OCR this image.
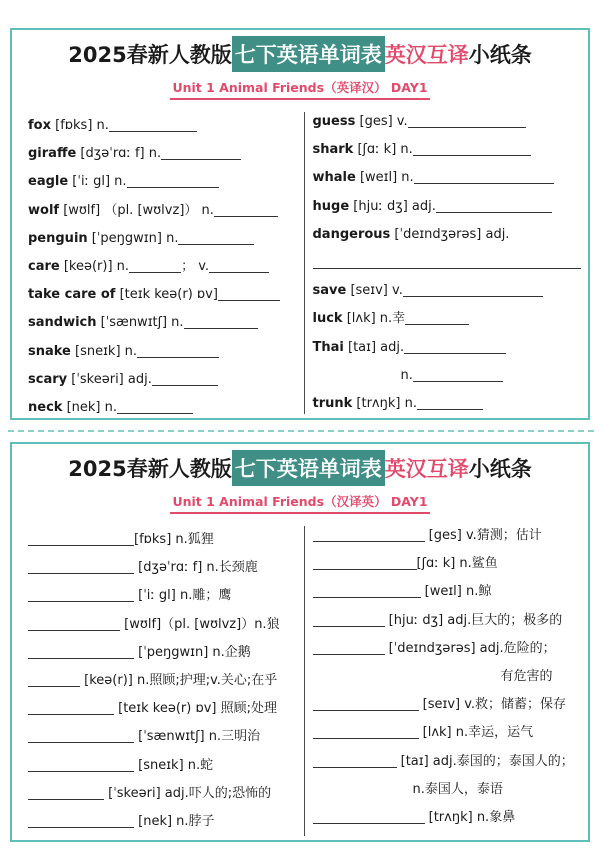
2025春新人教版 七下英语单词表 英汉互译 小纸条
Unit 1 Animal Friends（英译汉） DAY1
fox [fɒks] n.
giraffe [dʒəˈrɑː f] n.
eagle [ˈiː gl] n.
wolf [wʊlf] （pl. [wʊlvz]） n.
penguin [ˈpeŋgwɪn] n.
care [keə(r)] n.	； v.
take care of [teɪk keə(r) ɒv]
sandwich [ˈsænwɪtʃ] n.
snake [sneɪk] n.
scary [ˈskeəri] adj.
neck [nek] n.
guess [ges] v.
shark [ʃɑː k] n.
whale [weɪl] n.
huge [hjuː dʒ] adj.
dangerous [ˈdeɪndʒərəs] adj.
save [seɪv] v.
luck [lʌk] n.幸
Thai [taɪ] adj.
n.
trunk [trʌŋk] n.
2025春新人教版 七下英语单词表 英汉互译 小纸条
Unit 1 Animal Friends（汉译英） DAY1
[fɒks] n.狐狸
[dʒəˈrɑː f] n.长颈鹿
[ˈiː gl] n.雕；鹰
[wʊlf]（pl. [wʊlvz]）n.狼
[ˈpeŋgwɪn] n.企鹅
[keə(r)] n.照顾;护理;v.关心;在乎
[teɪk keə(r) ɒv] 照顾;处理
[ˈsænwɪtʃ] n.三明治
[sneɪk] n.蛇
[ˈskeəri] adj.吓人的;恐怖的
[nek] n.脖子
[ges] v.猜测；估计
[ʃɑː k] n.鲨鱼
[weɪl] n.鲸
[hjuː dʒ] adj.巨大的；极多的
[ˈdeɪndʒərəs] adj.危险的；
有危害的
[seɪv] v.救；储蓄；保存
[lʌk] n.幸运，运气
[taɪ] adj.泰国的；泰国人的；
n.泰国人，泰语
[trʌŋk] n.象鼻
